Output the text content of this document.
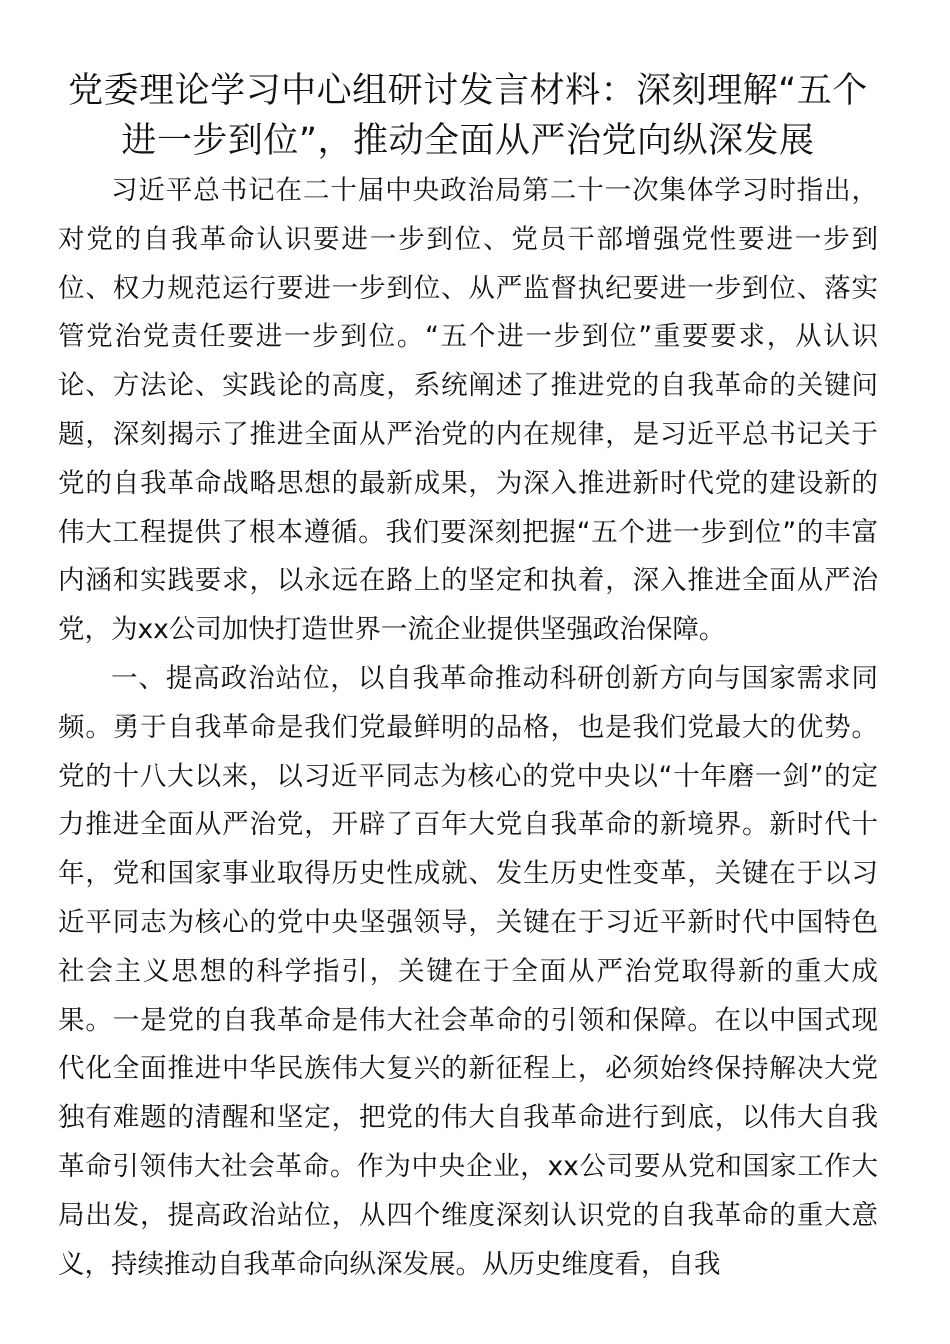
党委理论学习中心组研讨发言材料：深刻理解“五个
进一步到位”，推动全面从严治党向纵深发展

习近平总书记在二十届中央政治局第二十一次集体学习时指出，对党的自我革命认识要进一步到位、党员干部增强党性要进一步到位、权力规范运行要进一步到位、从严监督执纪要进一步到位、落实管党治党责任要进一步到位。“五个进一步到位”重要要求，从认识论、方法论、实践论的高度，系统阐述了推进党的自我革命的关键问题，深刻揭示了推进全面从严治党的内在规律，是习近平总书记关于党的自我革命战略思想的最新成果，为深入推进新时代党的建设新的伟大工程提供了根本遵循。我们要深刻把握“五个进一步到位”的丰富内涵和实践要求，以永远在路上的坚定和执着，深入推进全面从严治党，为xx公司加快打造世界一流企业提供坚强政治保障。

一、提高政治站位，以自我革命推动科研创新方向与国家需求同频。勇于自我革命是我们党最鲜明的品格，也是我们党最大的优势。党的十八大以来，以习近平同志为核心的党中央以“十年磨一剑”的定力推进全面从严治党，开辟了百年大党自我革命的新境界。新时代十年，党和国家事业取得历史性成就、发生历史性变革，关键在于以习近平同志为核心的党中央坚强领导，关键在于习近平新时代中国特色社会主义思想的科学指引，关键在于全面从严治党取得新的重大成果。一是党的自我革命是伟大社会革命的引领和保障。在以中国式现代化全面推进中华民族伟大复兴的新征程上，必须始终保持解决大党独有难题的清醒和坚定，把党的伟大自我革命进行到底，以伟大自我革命引领伟大社会革命。作为中央企业，xx公司要从党和国家工作大局出发，提高政治站位，从四个维度深刻认识党的自我革命的重大意义，持续推动自我革命向纵深发展。从历史维度看，自我
